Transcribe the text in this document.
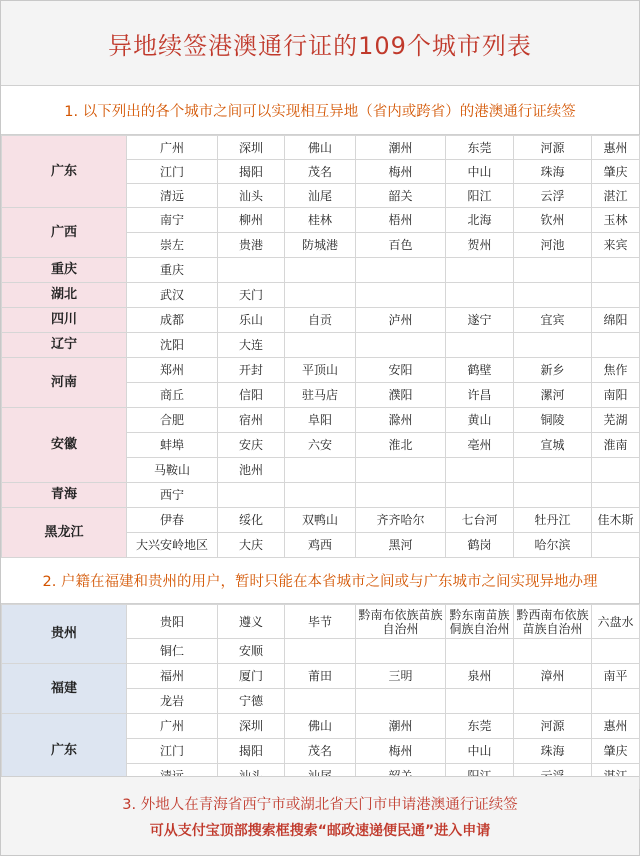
异地续签港澳通行证的109个城市列表
1. 以下列出的各个城市之间可以实现相互异地（省内或跨省）的港澳通行证续签
广东	广州	深圳	佛山	潮州	东莞	河源	惠州
	江门	揭阳	茂名	梅州	中山	珠海	肇庆
	清远	汕头	汕尾	韶关	阳江	云浮	湛江
广西	南宁	柳州	桂林	梧州	北海	钦州	玉林
	崇左	贵港	防城港	百色	贺州	河池	来宾
重庆	重庆						
湖北	武汉	天门					
四川	成都	乐山	自贡	泸州	遂宁	宜宾	绵阳
辽宁	沈阳	大连					
河南	郑州	开封	平顶山	安阳	鹤壁	新乡	焦作
	商丘	信阳	驻马店	濮阳	许昌	漯河	南阳
安徽	合肥	宿州	阜阳	滁州	黄山	铜陵	芜湖
	蚌埠	安庆	六安	淮北	亳州	宣城	淮南
	马鞍山	池州					
青海	西宁						
黑龙江	伊春	绥化	双鸭山	齐齐哈尔	七台河	牡丹江	佳木斯
	大兴安岭地区	大庆	鸡西	黑河	鹤岗	哈尔滨	
2. 户籍在福建和贵州的用户，暂时只能在本省城市之间或与广东城市之间实现异地办理
贵州	贵阳	遵义	毕节	黔南布依族苗族自治州	黔东南苗族侗族自治州	黔西南布依族苗族自治州	六盘水
	铜仁	安顺					
福建	福州	厦门	莆田	三明	泉州	漳州	南平
	龙岩	宁德					
广东	广州	深圳	佛山	潮州	东莞	河源	惠州
	江门	揭阳	茂名	梅州	中山	珠海	肇庆

3. 外地人在青海省西宁市或湖北省天门市申请港澳通行证续签
可从支付宝顶部搜索框搜索“邮政速递便民通”进入申请
